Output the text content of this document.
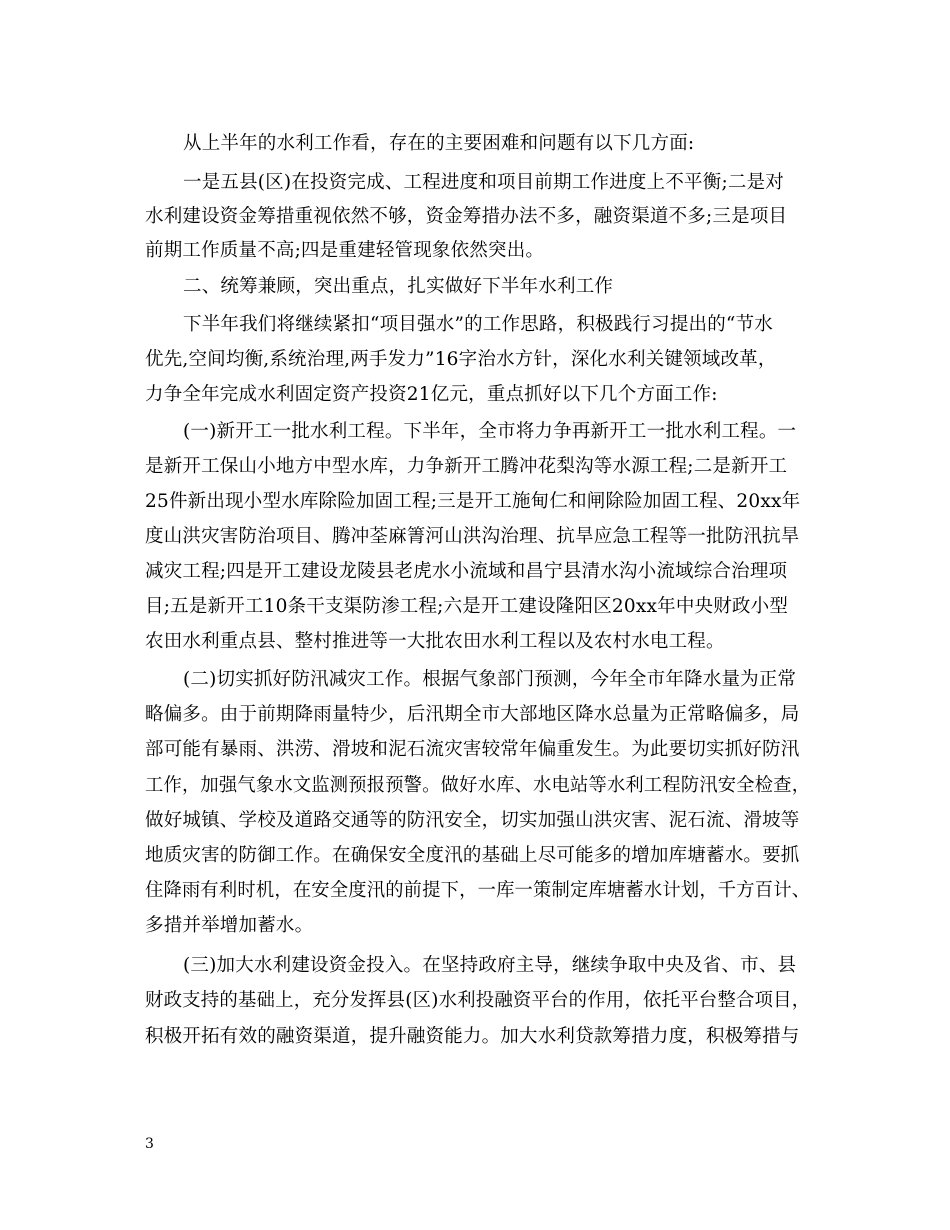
从上半年的水利工作看，存在的主要困难和问题有以下几方面:
一是五县(区)在投资完成、工程进度和项目前期工作进度上不平衡;二是对
水利建设资金筹措重视依然不够，资金筹措办法不多，融资渠道不多;三是项目
前期工作质量不高;四是重建轻管现象依然突出。
二、统筹兼顾，突出重点，扎实做好下半年水利工作
下半年我们将继续紧扣“项目强水”的工作思路，积极践行习提出的“节水
优先,空间均衡,系统治理,两手发力”16字治水方针，深化水利关键领域改革，
力争全年完成水利固定资产投资21亿元，重点抓好以下几个方面工作:
(一)新开工一批水利工程。下半年，全市将力争再新开工一批水利工程。一
是新开工保山小地方中型水库，力争新开工腾冲花梨沟等水源工程;二是新开工
25件新出现小型水库除险加固工程;三是开工施甸仁和闸除险加固工程、20xx年
度山洪灾害防治项目、腾冲荃麻箐河山洪沟治理、抗旱应急工程等一批防汛抗旱
减灾工程;四是开工建设龙陵县老虎水小流域和昌宁县清水沟小流域综合治理项
目;五是新开工10条干支渠防渗工程;六是开工建设隆阳区20xx年中央财政小型
农田水利重点县、整村推进等一大批农田水利工程以及农村水电工程。
(二)切实抓好防汛减灾工作。根据气象部门预测，今年全市年降水量为正常
略偏多。由于前期降雨量特少，后汛期全市大部地区降水总量为正常略偏多，局
部可能有暴雨、洪涝、滑坡和泥石流灾害较常年偏重发生。为此要切实抓好防汛
工作，加强气象水文监测预报预警。做好水库、水电站等水利工程防汛安全检查，
做好城镇、学校及道路交通等的防汛安全，切实加强山洪灾害、泥石流、滑坡等
地质灾害的防御工作。在确保安全度汛的基础上尽可能多的增加库塘蓄水。要抓
住降雨有利时机，在安全度汛的前提下，一库一策制定库塘蓄水计划，千方百计、
多措并举增加蓄水。
(三)加大水利建设资金投入。在坚持政府主导，继续争取中央及省、市、县
财政支持的基础上，充分发挥县(区)水利投融资平台的作用，依托平台整合项目，
积极开拓有效的融资渠道，提升融资能力。加大水利贷款筹措力度，积极筹措与
3
